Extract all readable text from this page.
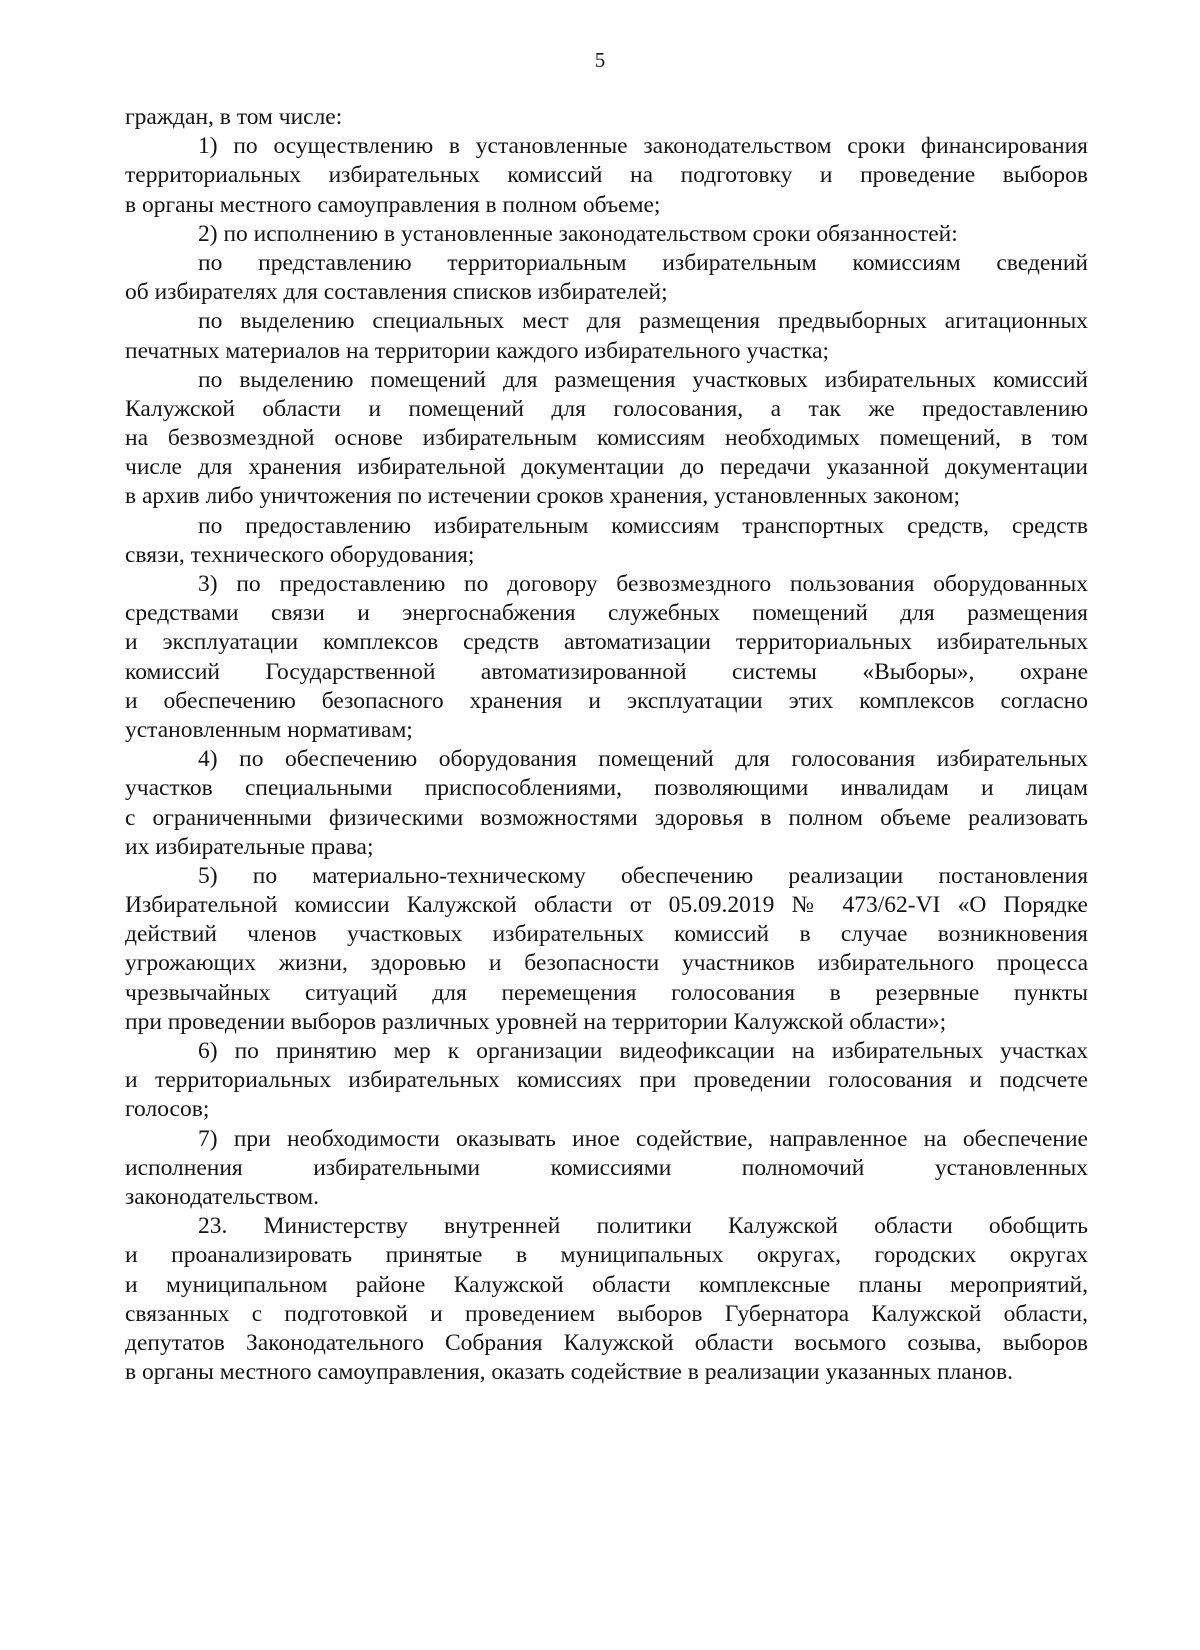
5
граждан, в том числе:
1) по осуществлению в установленные законодательством сроки финансирования
территориальных избирательных комиссий на подготовку и проведение выборов
в органы местного самоуправления в полном объеме;
2) по исполнению в установленные законодательством сроки обязанностей:
по представлению территориальным избирательным комиссиям сведений
об избирателях для составления списков избирателей;
по выделению специальных мест для размещения предвыборных агитационных
печатных материалов на территории каждого избирательного участка;
по выделению помещений для размещения участковых избирательных комиссий
Калужской области и помещений для голосования, а так же предоставлению
на безвозмездной основе избирательным комиссиям необходимых помещений, в том
числе для хранения избирательной документации до передачи указанной документации
в архив либо уничтожения по истечении сроков хранения, установленных законом;
по предоставлению избирательным комиссиям транспортных средств, средств
связи, технического оборудования;
3) по предоставлению по договору безвозмездного пользования оборудованных
средствами связи и энергоснабжения служебных помещений для размещения
и эксплуатации комплексов средств автоматизации территориальных избирательных
комиссий Государственной автоматизированной системы «Выборы», охране
и обеспечению безопасного хранения и эксплуатации этих комплексов согласно
установленным нормативам;
4) по обеспечению оборудования помещений для голосования избирательных
участков специальными приспособлениями, позволяющими инвалидам и лицам
с ограниченными физическими возможностями здоровья в полном объеме реализовать
их избирательные права;
5) по материально-техническому обеспечению реализации постановления
Избирательной комиссии Калужской области от 05.09.2019 № 473/62-VI «О Порядке
действий членов участковых избирательных комиссий в случае возникновения
угрожающих жизни, здоровью и безопасности участников избирательного процесса
чрезвычайных ситуаций для перемещения голосования в резервные пункты
при проведении выборов различных уровней на территории Калужской области»;
6) по принятию мер к организации видеофиксации на избирательных участках
и территориальных избирательных комиссиях при проведении голосования и подсчете
голосов;
7) при необходимости оказывать иное содействие, направленное на обеспечение
исполнения избирательными комиссиями полномочий установленных
законодательством.
23. Министерству внутренней политики Калужской области обобщить
и проанализировать принятые в муниципальных округах, городских округах
и муниципальном районе Калужской области комплексные планы мероприятий,
связанных с подготовкой и проведением выборов Губернатора Калужской области,
депутатов Законодательного Собрания Калужской области восьмого созыва, выборов
в органы местного самоуправления, оказать содействие в реализации указанных планов.
